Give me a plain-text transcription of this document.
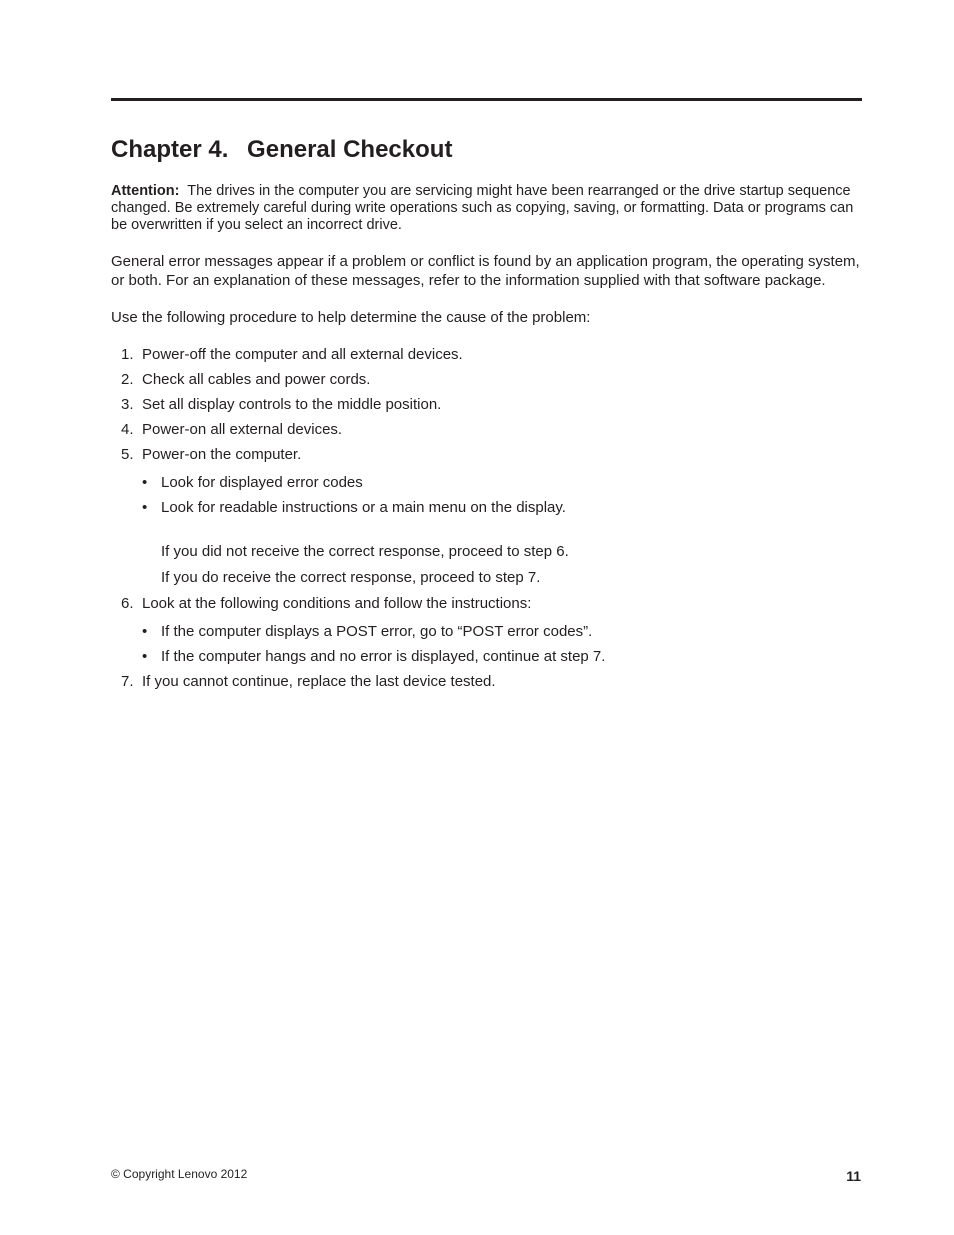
Chapter 4. General Checkout

Attention: The drives in the computer you are servicing might have been rearranged or the drive startup sequence changed. Be extremely careful during write operations such as copying, saving, or formatting. Data or programs can be overwritten if you select an incorrect drive.

General error messages appear if a problem or conflict is found by an application program, the operating system, or both. For an explanation of these messages, refer to the information supplied with that software package.

Use the following procedure to help determine the cause of the problem:

1. Power-off the computer and all external devices.
2. Check all cables and power cords.
3. Set all display controls to the middle position.
4. Power-on all external devices.
5. Power-on the computer.
• Look for displayed error codes
• Look for readable instructions or a main menu on the display.

If you did not receive the correct response, proceed to step 6.

If you do receive the correct response, proceed to step 7.

6. Look at the following conditions and follow the instructions:
• If the computer displays a POST error, go to “POST error codes”.
• If the computer hangs and no error is displayed, continue at step 7.
7. If you cannot continue, replace the last device tested.
© Copyright Lenovo 2012	11
